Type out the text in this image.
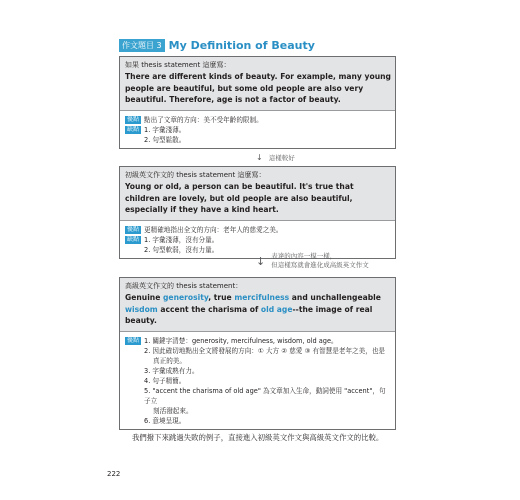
作文題目 3 My Definition of Beauty
如果 thesis statement 這麼寫：
There are different kinds of beauty. For example, many young people are beautiful, but some old people are also very beautiful. Therefore, age is not a factor of beauty.
優點 點出了文章的方向：美不受年齡的限制。
缺點 1. 字彙淺薄。
2. 句型鬆散。
↓ 這樣較好
初級英文作文的 thesis statement 這麼寫：
Young or old, a person can be beautiful. It's true that children are lovely, but old people are also beautiful, especially if they have a kind heart.
優點 更精確地指出全文的方向：老年人的慈愛之美。
缺點 1. 字彙淺薄，沒有分量。
2. 句型軟弱，沒有力量。
↓ 表達的內容一模一樣，
但這樣寫就會進化成高級英文作文
高級英文作文的 thesis statement：
Genuine generosity, true mercifulness and unchallengeable wisdom accent the charisma of old age--the image of real beauty.
優點 1. 關鍵字清楚：generosity, mercifulness, wisdom, old age。
2. 因此確切地點出全文將發展的方向：① 大方 ② 慈愛 ③ 有智慧是老年之美，也是
真正的美。
3. 字彙成熟有力。
4. 句子精簡。
5. "accent the charisma of old age" 為文章加入生命，動詞使用 "accent"，句子立
刻活潑起來。
6. 意境呈現。
我們撥下來跳過失敗的例子，直接進入初級英文作文與高級英文作文的比較。
222
